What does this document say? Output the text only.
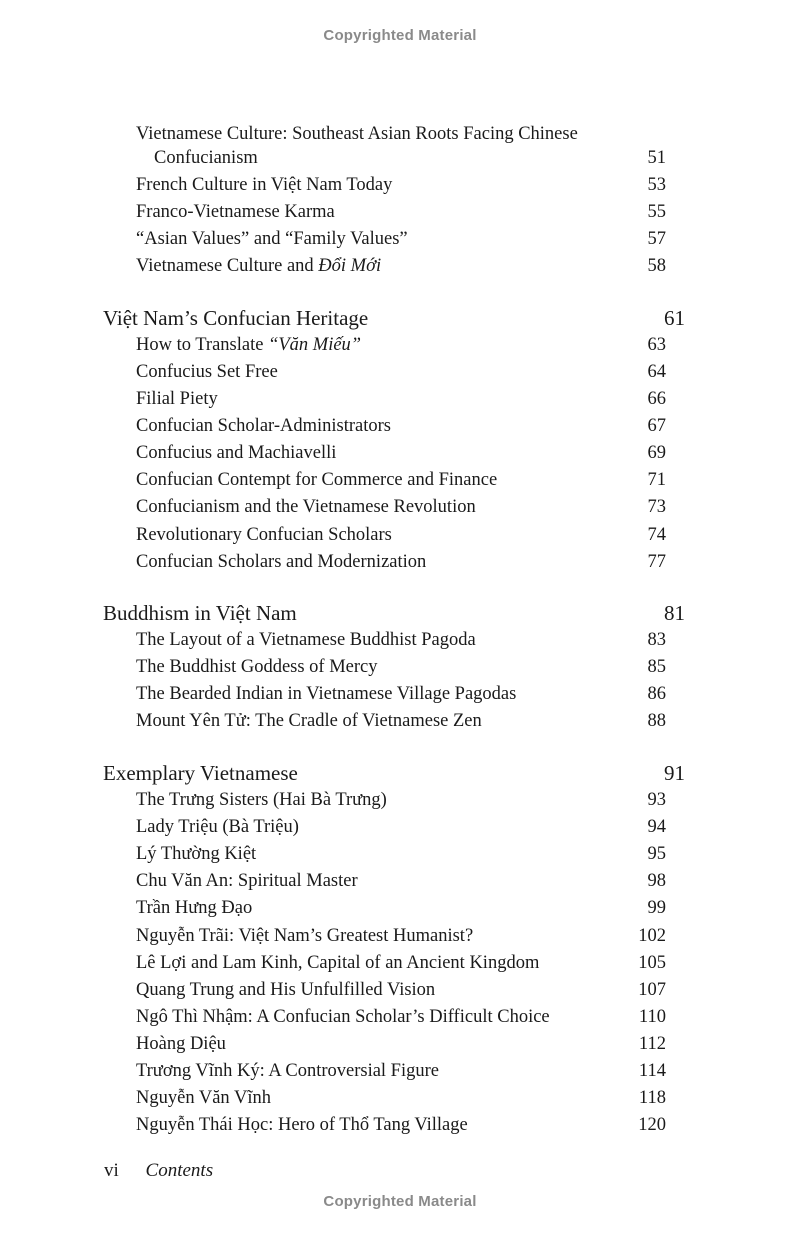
Copyrighted Material
Vietnamese Culture: Southeast Asian Roots Facing Chinese
Confucianism	51
French Culture in Việt Nam Today	53
Franco-Vietnamese Karma	55
“Asian Values” and “Family Values”	57
Vietnamese Culture and Đổi Mới	58
Việt Nam’s Confucian Heritage	61
How to Translate “Văn Miếu”	63
Confucius Set Free	64
Filial Piety	66
Confucian Scholar-Administrators	67
Confucius and Machiavelli	69
Confucian Contempt for Commerce and Finance	71
Confucianism and the Vietnamese Revolution	73
Revolutionary Confucian Scholars	74
Confucian Scholars and Modernization	77
Buddhism in Việt Nam	81
The Layout of a Vietnamese Buddhist Pagoda	83
The Buddhist Goddess of Mercy	85
The Bearded Indian in Vietnamese Village Pagodas	86
Mount Yên Tử: The Cradle of Vietnamese Zen	88
Exemplary Vietnamese	91
The Trưng Sisters (Hai Bà Trưng)	93
Lady Triệu (Bà Triệu)	94
Lý Thường Kiệt	95
Chu Văn An: Spiritual Master	98
Trần Hưng Đạo	99
Nguyễn Trãi: Việt Nam’s Greatest Humanist?	102
Lê Lợi and Lam Kinh, Capital of an Ancient Kingdom	105
Quang Trung and His Unfulfilled Vision	107
Ngô Thì Nhậm: A Confucian Scholar’s Difficult Choice	110
Hoàng Diệu	112
Trương Vĩnh Ký: A Controversial Figure	114
Nguyễn Văn Vĩnh	118
Nguyễn Thái Học: Hero of Thổ Tang Village	120
vi Contents
Copyrighted Material
